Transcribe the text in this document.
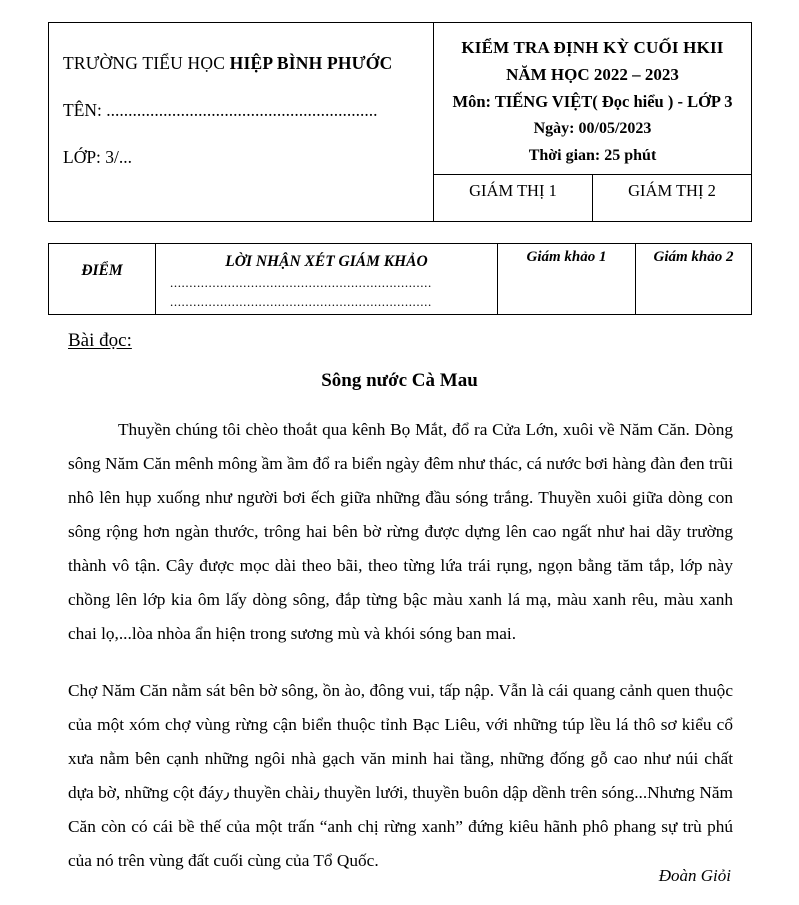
TRƯỜNG TIỂU HỌC HIỆP BÌNH PHƯỚC
TÊN: ..............................................................
LỚP: 3/...
KIỂM TRA ĐỊNH KỲ CUỐI HKII
NĂM HỌC 2022 – 2023
Môn: TIẾNG VIỆT( Đọc hiểu ) - LỚP 3
Ngày: 00/05/2023
Thời gian: 25 phút
GIÁM THỊ 1	GIÁM THỊ 2
ĐIỂM
LỜI NHẬN XÉT GIÁM KHẢO
....................................................................
....................................................................
Giám khảo 1	Giám khảo 2
Bài đọc:
Sông nước Cà Mau

Thuyền chúng tôi chèo thoắt qua kênh Bọ Mắt, đổ ra Cửa Lớn, xuôi về Năm Căn. Dòng sông Năm Căn mênh mông ầm ầm đổ ra biển ngày đêm như thác, cá nước bơi hàng đàn đen trũi nhô lên hụp xuống như người bơi ếch giữa những đầu sóng trắng. Thuyền xuôi giữa dòng con sông rộng hơn ngàn thước, trông hai bên bờ rừng được dựng lên cao ngất như hai dãy trường thành vô tận. Cây được mọc dài theo bãi, theo từng lứa trái rụng, ngọn bằng tăm tắp, lớp này chồng lên lớp kia ôm lấy dòng sông, đắp từng bậc màu xanh lá mạ, màu xanh rêu, màu xanh chai lọ,...lòa nhòa ẩn hiện trong sương mù và khói sóng ban mai.

Chợ Năm Căn nằm sát bên bờ sông, ồn ào, đông vui, tấp nập. Vẫn là cái quang cảnh quen thuộc của một xóm chợ vùng rừng cận biển thuộc tỉnh Bạc Liêu, với những túp lều lá thô sơ kiểu cổ xưa nằm bên cạnh những ngôi nhà gạch văn minh hai tầng, những đống gỗ cao như núi chất dựa bờ, những cột đáy٫ thuyền chài٫ thuyền lưới, thuyền buôn dập dềnh trên sóng...Nhưng Năm Căn còn có cái bề thế của một trấn “anh chị rừng xanh” đứng kiêu hãnh phô phang sự trù phú của nó trên vùng đất cuối cùng của Tổ Quốc.

Đoàn Giỏi
